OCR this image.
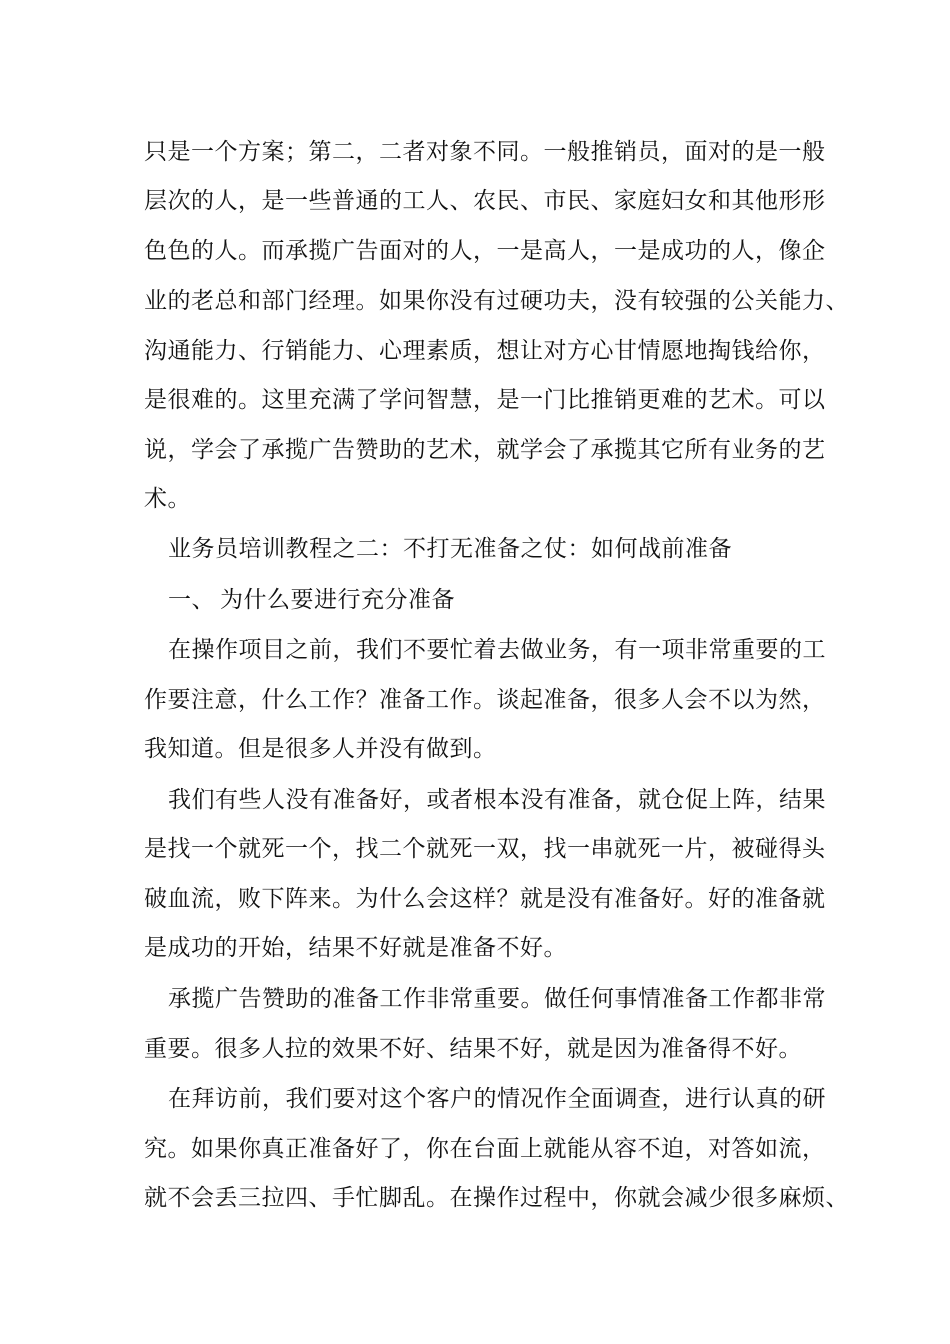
只是一个方案；第二，二者对象不同。一般推销员，面对的是一般
层次的人，是一些普通的工人、农民、市民、家庭妇女和其他形形
色色的人。而承揽广告面对的人，一是高人，一是成功的人，像企
业的老总和部门经理。如果你没有过硬功夫，没有较强的公关能力、
沟通能力、行销能力、心理素质，想让对方心甘情愿地掏钱给你，
是很难的。这里充满了学问智慧，是一门比推销更难的艺术。可以
说，学会了承揽广告赞助的艺术，就学会了承揽其它所有业务的艺
术。
业务员培训教程之二：不打无准备之仗：如何战前准备
一、 为什么要进行充分准备
在操作项目之前，我们不要忙着去做业务，有一项非常重要的工
作要注意，什么工作？准备工作。谈起准备，很多人会不以为然，
我知道。但是很多人并没有做到。
我们有些人没有准备好，或者根本没有准备，就仓促上阵，结果
是找一个就死一个，找二个就死一双，找一串就死一片，被碰得头
破血流，败下阵来。为什么会这样？就是没有准备好。好的准备就
是成功的开始，结果不好就是准备不好。
承揽广告赞助的准备工作非常重要。做任何事情准备工作都非常
重要。很多人拉的效果不好、结果不好，就是因为准备得不好。
在拜访前，我们要对这个客户的情况作全面调查，进行认真的研
究。如果你真正准备好了，你在台面上就能从容不迫，对答如流，
就不会丢三拉四、手忙脚乱。在操作过程中，你就会减少很多麻烦、
